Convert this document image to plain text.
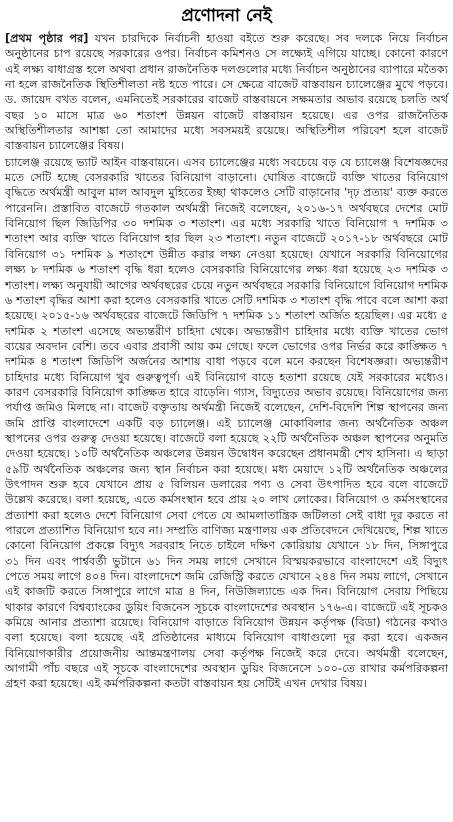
প্রণোদনা নেই

[প্রথম পৃষ্ঠার পর] যখন চারদিকে নির্বাচনী হাওয়া বইতে শুরু করেছে। সব দলকে নিয়ে নির্বাচন অনুষ্ঠানের চাপ রয়েছে সরকারের ওপর। নির্বাচন কমিশনও সে লক্ষ্যেই এগিয়ে যাচ্ছে। কোনো কারণে এই লক্ষ্য বাধাগ্রস্ত হলে অথবা প্রধান রাজনৈতিক দলগুলোর মধ্যে নির্বাচন অনুষ্ঠানের ব্যাপারে মতৈক্য না হলে রাজনৈতিক স্থিতিশীলতা নষ্ট হতে পারে। সে ক্ষেত্রে বাজেট বাস্তবায়ন চ্যালেঞ্জের মুখে পড়বে। ড. জায়েদ বখত বলেন, এমনিতেই সরকারের বাজেট বাস্তবায়নে সক্ষমতার অভাব রয়েছে চলতি অর্থ বছর ১০ মাসে মাত্র ৬০ শতাংশ উন্নয়ন বাজেট বাস্তবায়ন হয়েছে। এর ওপর রাজনৈতিক অস্থিতিশীলতার আশঙ্কা তো আমাদের মধ্যে সবসময়ই রয়েছে। অস্থিতিশীল পরিবেশ হলে বাজেট বাস্তবায়ন চ্যালেঞ্জের বিষয়।

চ্যালেঞ্জ রয়েছে ভ্যাট আইন বাস্তবায়নে। এসব চ্যালেঞ্জের মধ্যে সবচেয়ে বড় যে চ্যালেঞ্জ বিশেষজ্ঞদের মতে সেটি হচ্ছে বেসরকারি খাতের বিনিয়োগ বাড়ানো। ঘোষিত বাজেটে ব্যক্তি খাতের বিনিয়োগ বৃদ্ধিতে অর্থমন্ত্রী আবুল মাল আবদুল মুহিতের ইচ্ছা থাকলেও সেটি বাড়ানোর 'দৃঢ় প্রত্যয়' ব্যক্ত করতে পারেননি। প্রস্তাবিত বাজেটে গতকাল অর্থমন্ত্রী নিজেই বলেছেন, ২০১৬-১৭ অর্থবছরে দেশের মোট বিনিয়োগ ছিল জিডিপির ৩০ দশমিক ৩ শতাংশ। এর মধ্যে সরকারি খাতে বিনিয়োগ ৭ দশমিক ৩ শতাংশ আর ব্যক্তি খাতে বিনিয়োগ হার ছিল ২৩ শতাংশ। নতুন বাজেটে ২০১৭-১৮ অর্থবছরে মোট বিনিয়োগ ৩১ দশমিক ৯ শতাংশে উন্নীত করার লক্ষ্য নেওয়া হয়েছে। যেখানে সরকারি বিনিয়োগের লক্ষ্য ৮ দশমিক ৬ শতাংশ বৃদ্ধি ধরা হলেও বেসরকারি বিনিয়োগের লক্ষ্য ধরা হয়েছে ২৩ দশমিক ৩ শতাংশ। লক্ষ্য অনুযায়ী আগের অর্থবছরের চেয়ে নতুন অর্থবছরে সরকারি বিনিয়োগে বিনিয়োগ দশমিক ৬ শতাংশ বৃদ্ধির আশা করা হলেও বেসরকারি খাতে সেটি দশমিক ৩ শতাংশ বৃদ্ধি পাবে বলে আশা করা হয়েছে। ২০১৫-১৬ অর্থবছরের বাজেটে জিডিপি ৭ দশমিক ১১ শতাংশ অর্জিত হয়েছিল। এর মধ্যে ৫ দশমিক ২ শতাংশ এসেছে অভ্যন্তরীণ চাহিদা থেকে। অভ্যন্তরীণ চাহিদার মধ্যে ব্যক্তি খাতের ভোগ ব্যয়ের অবদান বেশি। তবে এবার প্রবাসী আয় কম গেছে। ফলে ভোগের ওপর নির্ভর করে কাঙ্ক্ষিত ৭ দশমিক ৪ শতাংশ জিডিপি অর্জনের আশায় বাধা পড়বে বলে মনে করছেন বিশেষজ্ঞরা। অভ্যন্তরীণ চাহিদার মধ্যে বিনিয়োগ খুব গুরুত্বপূর্ণ। এই বিনিয়োগ বাড়ে হতাশা রয়েছে যেই সরকারের মধ্যেও। কারণ বেসরকারি বিনিয়োগ কাঙ্ক্ষিত হারে বাড়েনি। গ্যাস, বিদ্যুতের অভাব রয়েছে। বিনিয়োগের জন্য পর্যাপ্ত জমিও মিলছে না। বাজেট বক্তৃতায় অর্থমন্ত্রী নিজেই বলেছেন, দেশি-বিদেশি শিল্প স্থাপনের জন্য জমি প্রাপ্তি বাংলাদেশে একটি বড় চ্যালেঞ্জ। এই চ্যালেঞ্জ মোকাবিলার জন্য অর্থনৈতিক অঞ্চল স্থাপনের ওপর গুরুত্ব দেওয়া হয়েছে। বাজেটে বলা হয়েছে ২২টি অর্থনৈতিক অঞ্চল স্থাপনের অনুমতি দেওয়া হয়েছে। ১০টি অর্থনৈতিক অঞ্চলের উন্নয়ন উদ্বোধন করেছেন প্রধানমন্ত্রী শেখ হাসিনা। এ ছাড়া ৫৯টি অর্থনৈতিক অঞ্চলের জন্য স্থান নির্বাচন করা হয়েছে। মধ্য মেয়াদে ১২টি অর্থনৈতিক অঞ্চলের উৎপাদন শুরু হবে যেখানে প্রায় ৫ বিলিয়ন ডলারের পণ্য ও সেবা উৎপাদিত হবে বলে বাজেটে উল্লেখ করেছে। বলা হয়েছে, এতে কর্মসংস্থান হবে প্রায় ২০ লাখ লোকের। বিনিয়োগ ও কর্মসংস্থানের প্রত্যাশা করা হলেও দেশে বিনিয়োগ সেবা পেতে যে আমলাতান্ত্রিক জটিলতা সেই বাধা দূর করতে না পারলে প্রত্যাশিত বিনিয়োগ হবে না। সম্প্রতি বাণিজ্য মন্ত্রণালয় এক প্রতিবেদনে দেখিয়েছে, শিল্প খাতে কোনো বিনিয়োগ প্রকল্পে বিদ্যুৎ সরবরাহ নিতে চাইলে দক্ষিণ কোরিয়ায় যেখানে ১৮ দিন, সিঙ্গাপুরে ৩১ দিন এবং পার্শ্ববর্তী ভুটানে ৬১ দিন সময় লাগে সেখানে বিস্ময়করভাবে বাংলাদেশে এই বিদ্যুৎ পেতে সময় লাগে ৪০৪ দিন। বাংলাদেশে জমি রেজিস্ট্রি করতে যেখানে ২৪৪ দিন সময় লাগে, সেখানে এই কাজটি করতে সিঙ্গাপুরে লাগে মাত্র ৪ দিন, নিউজিল্যান্ডে এক দিন। বিনিয়োগ সেবায় পিছিয়ে থাকার কারণে বিশ্বব্যাংকের ডুয়িং বিজনেস সূচকে বাংলাদেশের অবস্থান ১৭৬-এ। বাজেটে এই সূচকও কমিয়ে আনার প্রত্যাশা রয়েছে। বিনিয়োগ বাড়াতে বিনিয়োগ উন্নয়ন কর্তৃপক্ষ (বিডা) গঠনের কথাও বলা হয়েছে। বলা হয়েছে এই প্রতিষ্ঠানের মাধ্যমে বিনিয়োগ বাধাগুলো দূর করা হবে। একজন বিনিয়োগকারীর প্রয়োজনীয় আন্তমন্ত্রণালয় সেবা কর্তৃপক্ষ নিজেই করে দেবে। অর্থমন্ত্রী বলেছেন, আগামী পাঁচ বছরে এই সূচকে বাংলাদেশের অবস্থান ডুয়িং বিজনেসে ১০০-তে রাখার কর্মপরিকল্পনা গ্রহণ করা হয়েছে। এই কর্মপরিকল্পনা কতটা বাস্তবায়ন হয় সেটিই এখন দেখার বিষয়।
